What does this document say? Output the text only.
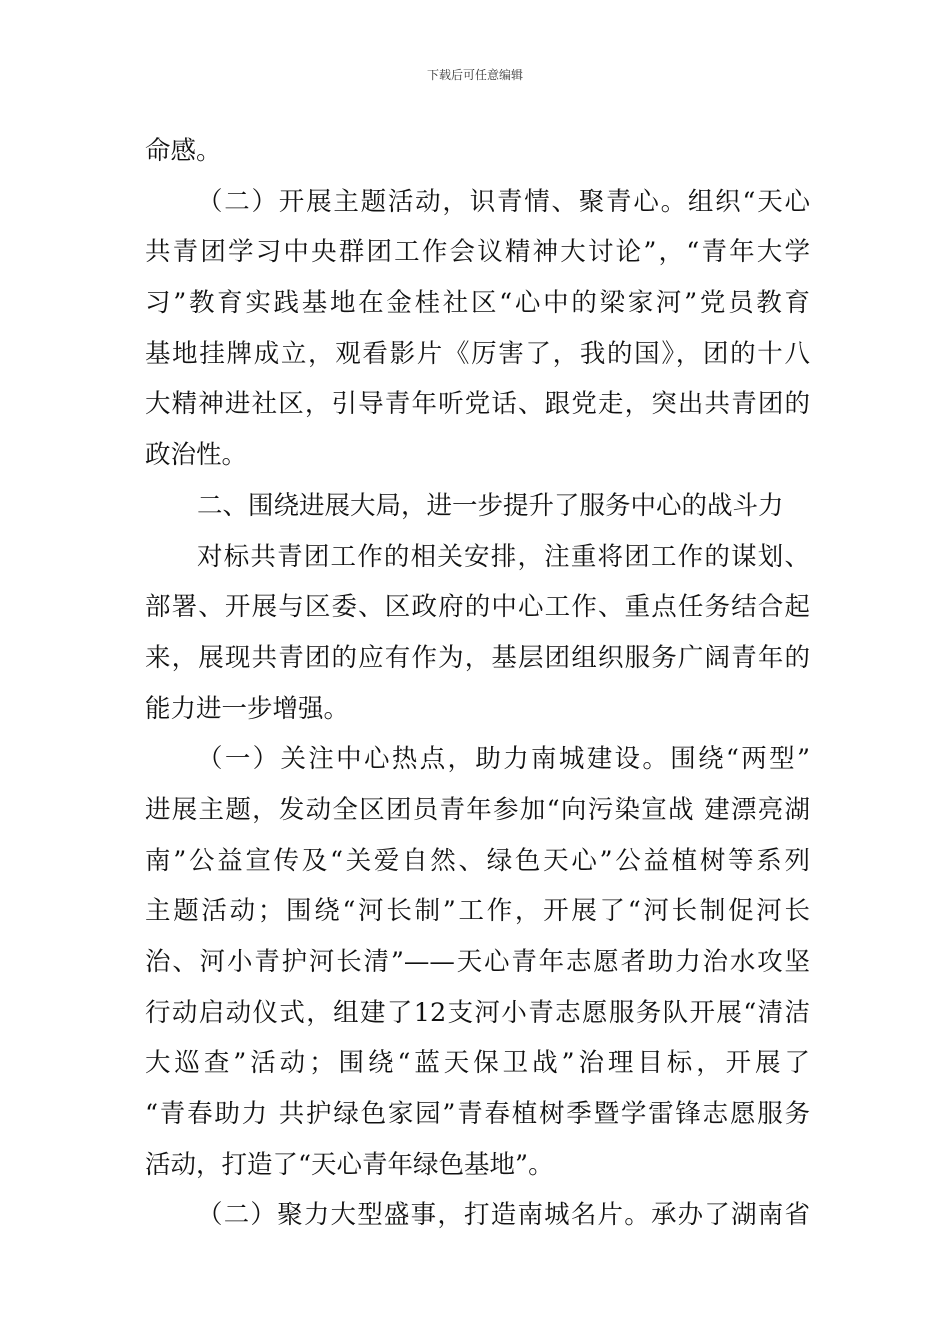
下载后可任意编辑
命感。
（二）开展主题活动，识青情、聚青心。组织“天心
共青团学习中央群团工作会议精神大讨论”，“青年大学
习”教育实践基地在金桂社区“心中的梁家河”党员教育
基地挂牌成立，观看影片《厉害了，我的国》，团的十八
大精神进社区，引导青年听党话、跟党走，突出共青团的
政治性。
二、围绕进展大局，进一步提升了服务中心的战斗力
对标共青团工作的相关安排，注重将团工作的谋划、
部署、开展与区委、区政府的中心工作、重点任务结合起
来，展现共青团的应有作为，基层团组织服务广阔青年的
能力进一步增强。
（一）关注中心热点，助力南城建设。围绕“两型”
进展主题，发动全区团员青年参加“向污染宣战 建漂亮湖
南”公益宣传及“关爱自然、绿色天心”公益植树等系列
主题活动；围绕“河长制”工作，开展了“河长制促河长
治、河小青护河长清”——天心青年志愿者助力治水攻坚
行动启动仪式，组建了12支河小青志愿服务队开展“清洁
大巡查”活动；围绕“蓝天保卫战”治理目标，开展了
“青春助力 共护绿色家园”青春植树季暨学雷锋志愿服务
活动，打造了“天心青年绿色基地”。
（二）聚力大型盛事，打造南城名片。承办了湖南省
